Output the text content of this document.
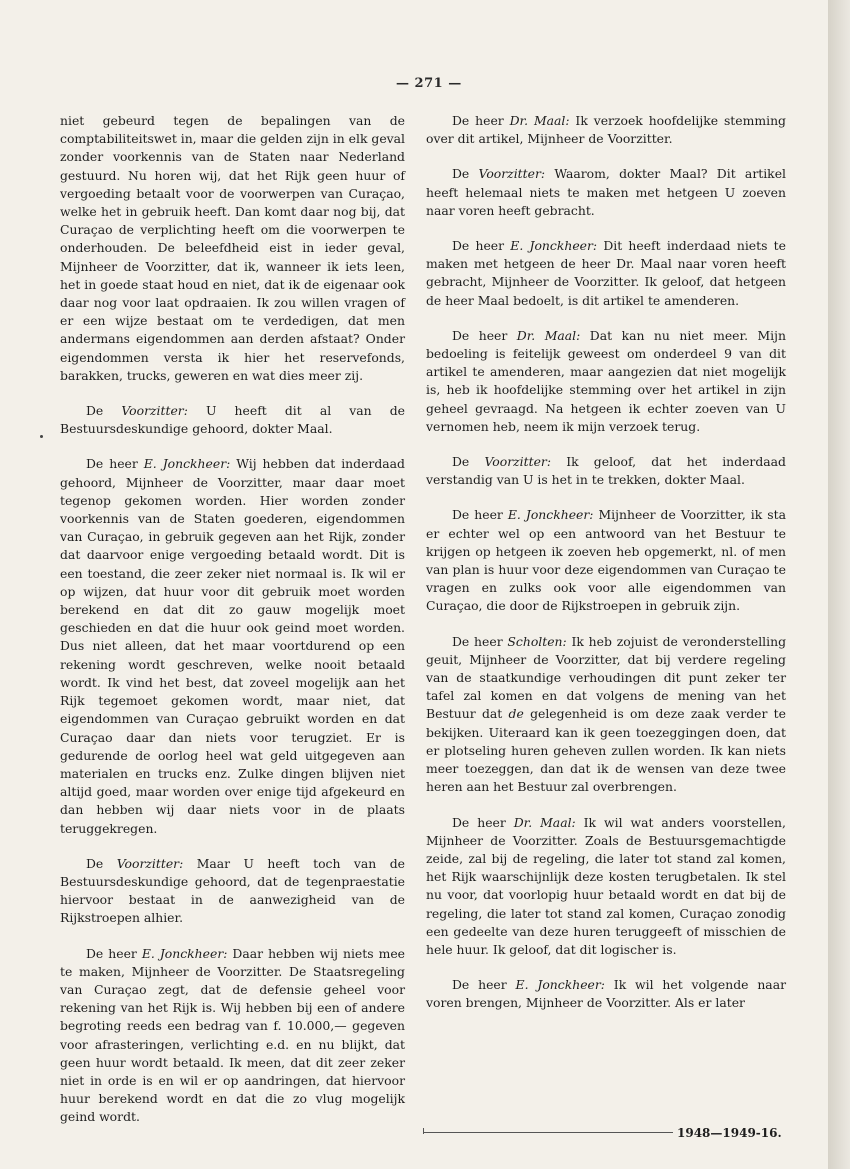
— 271 —

niet gebeurd tegen de bepalingen van de comptabiliteitswet in, maar die gelden zijn in elk geval zonder voorkennis van de Staten naar Nederland gestuurd. Nu horen wij, dat het Rijk geen huur of vergoeding betaalt voor de voorwerpen van Curaçao, welke het in gebruik heeft. Dan komt daar nog bij, dat Curaçao de verplichting heeft om die voorwerpen te onderhouden. De beleefdheid eist in ieder geval, Mijnheer de Voorzitter, dat ik, wanneer ik iets leen, het in goede staat houd en niet, dat ik de eigenaar ook daar nog voor laat opdraaien. Ik zou willen vragen of er een wijze bestaat om te verdedigen, dat men andermans eigendommen aan derden afstaat? Onder eigendommen versta ik hier het reservefonds, barakken, trucks, geweren en wat dies meer zij.

De Voorzitter: U heeft dit al van de Bestuursdeskundige gehoord, dokter Maal.

De heer E. Jonckheer: Wij hebben dat inderdaad gehoord, Mijnheer de Voorzitter, maar daar moet tegenop gekomen worden. Hier worden zonder voorkennis van de Staten goederen, eigendommen van Curaçao, in gebruik gegeven aan het Rijk, zonder dat daarvoor enige vergoeding betaald wordt. Dit is een toestand, die zeer zeker niet normaal is. Ik wil er op wijzen, dat huur voor dit gebruik moet worden berekend en dat dit zo gauw mogelijk moet geschieden en dat die huur ook geind moet worden. Dus niet alleen, dat het maar voortdurend op een rekening wordt geschreven, welke nooit betaald wordt. Ik vind het best, dat zoveel mogelijk aan het Rijk tegemoet gekomen wordt, maar niet, dat eigendommen van Curaçao gebruikt worden en dat Curaçao daar dan niets voor terugziet. Er is gedurende de oorlog heel wat geld uitgegeven aan materialen en trucks enz. Zulke dingen blijven niet altijd goed, maar worden over enige tijd afgekeurd en dan hebben wij daar niets voor in de plaats teruggekregen.

De Voorzitter: Maar U heeft toch van de Bestuursdeskundige gehoord, dat de tegenpraestatie hiervoor bestaat in de aanwezigheid van de Rijkstroepen alhier.

De heer E. Jonckheer: Daar hebben wij niets mee te maken, Mijnheer de Voorzitter. De Staatsregeling van Curaçao zegt, dat de defensie geheel voor rekening van het Rijk is. Wij hebben bij een of andere begroting reeds een bedrag van f. 10.000,— gegeven voor afrasteringen, verlichting e.d. en nu blijkt, dat geen huur wordt betaald. Ik meen, dat dit zeer zeker niet in orde is en wil er op aandringen, dat hiervoor huur berekend wordt en dat die zo vlug mogelijk geind wordt.

De heer Dr. Maal: Ik verzoek hoofdelijke stemming over dit artikel, Mijnheer de Voorzitter.

De Voorzitter: Waarom, dokter Maal? Dit artikel heeft helemaal niets te maken met hetgeen U zoeven naar voren heeft gebracht.

De heer E. Jonckheer: Dit heeft inderdaad niets te maken met hetgeen de heer Dr. Maal naar voren heeft gebracht, Mijnheer de Voorzitter. Ik geloof, dat hetgeen de heer Maal bedoelt, is dit artikel te amenderen.

De heer Dr. Maal: Dat kan nu niet meer. Mijn bedoeling is feitelijk geweest om onderdeel 9 van dit artikel te amenderen, maar aangezien dat niet mogelijk is, heb ik hoofdelijke stemming over het artikel in zijn geheel gevraagd. Na hetgeen ik echter zoeven van U vernomen heb, neem ik mijn verzoek terug.

De Voorzitter: Ik geloof, dat het inderdaad verstandig van U is het in te trekken, dokter Maal.

De heer E. Jonckheer: Mijnheer de Voorzitter, ik sta er echter wel op een antwoord van het Bestuur te krijgen op hetgeen ik zoeven heb opgemerkt, nl. of men van plan is huur voor deze eigendommen van Curaçao te vragen en zulks ook voor alle eigendommen van Curaçao, die door de Rijkstroepen in gebruik zijn.

De heer Scholten: Ik heb zojuist de veronderstelling geuit, Mijnheer de Voorzitter, dat bij verdere regeling van de staatkundige verhoudingen dit punt zeker ter tafel zal komen en dat volgens de mening van het Bestuur dat de gelegenheid is om deze zaak verder te bekijken. Uiteraard kan ik geen toezeggingen doen, dat er plotseling huren geheven zullen worden. Ik kan niets meer toezeggen, dan dat ik de wensen van deze twee heren aan het Bestuur zal overbrengen.

De heer Dr. Maal: Ik wil wat anders voorstellen, Mijnheer de Voorzitter. Zoals de Bestuursgemachtigde zeide, zal bij de regeling, die later tot stand zal komen, het Rijk waarschijnlijk deze kosten terugbetalen. Ik stel nu voor, dat voorlopig huur betaald wordt en dat bij de regeling, die later tot stand zal komen, Curaçao zonodig een gedeelte van deze huren teruggeeft of misschien de hele huur. Ik geloof, dat dit logischer is.

De heer E. Jonckheer: Ik wil het volgende naar voren brengen, Mijnheer de Voorzitter. Als er later

1948—1949-16.
